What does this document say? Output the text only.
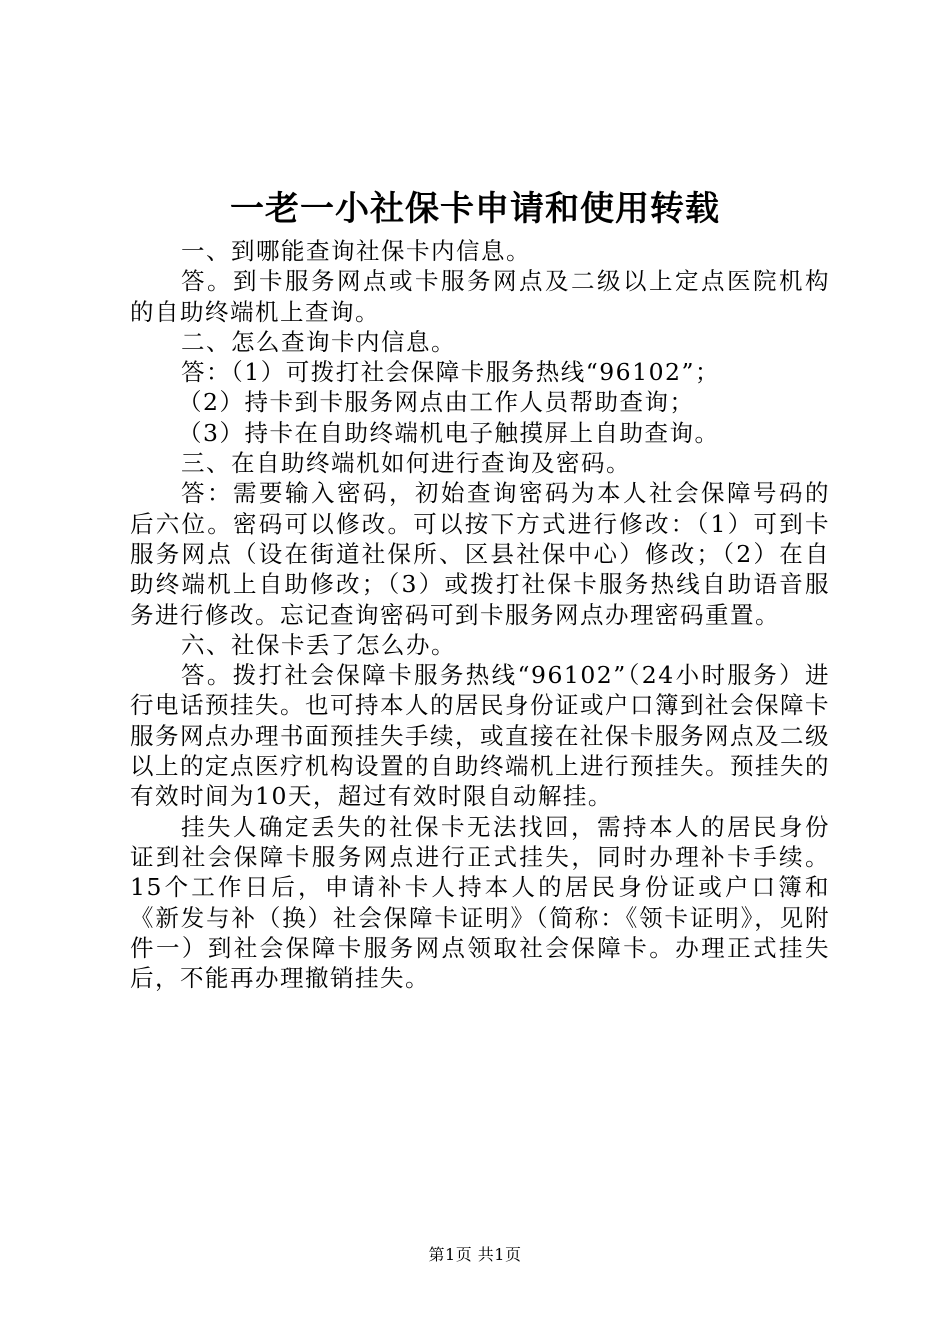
一老一小社保卡申请和使用转载

一、到哪能查询社保卡内信息。

答。到卡服务网点或卡服务网点及二级以上定点医院机构的自助终端机上查询。

二、怎么查询卡内信息。

答：（1）可拨打社会保障卡服务热线“96102”；

（2）持卡到卡服务网点由工作人员帮助查询；

（3）持卡在自助终端机电子触摸屏上自助查询。

三、在自助终端机如何进行查询及密码。

答：需要输入密码，初始查询密码为本人社会保障号码的后六位。密码可以修改。可以按下方式进行修改：（1）可到卡服务网点（设在街道社保所、区县社保中心）修改；（2）在自助终端机上自助修改；（3）或拨打社保卡服务热线自助语音服务进行修改。忘记查询密码可到卡服务网点办理密码重置。

六、社保卡丢了怎么办。

答。拨打社会保障卡服务热线“96102”（24小时服务）进行电话预挂失。也可持本人的居民身份证或户口簿到社会保障卡服务网点办理书面预挂失手续，或直接在社保卡服务网点及二级以上的定点医疗机构设置的自助终端机上进行预挂失。预挂失的有效时间为10天，超过有效时限自动解挂。

挂失人确定丢失的社保卡无法找回，需持本人的居民身份证到社会保障卡服务网点进行正式挂失，同时办理补卡手续。15个工作日后，申请补卡人持本人的居民身份证或户口簿和《新发与补（换）社会保障卡证明》（简称：《领卡证明》，见附件一）到社会保障卡服务网点领取社会保障卡。办理正式挂失后，不能再办理撤销挂失。

第1页 共1页
